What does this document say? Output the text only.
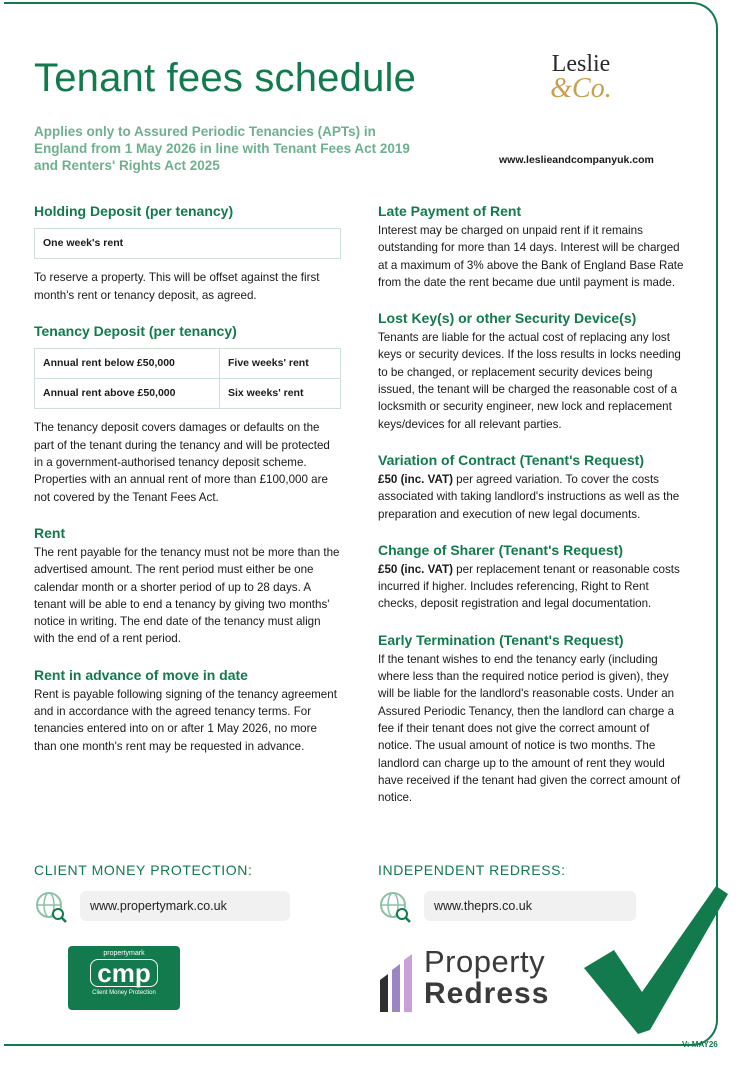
Tenant fees schedule
Applies only to Assured Periodic Tenancies (APTs) in England from 1 May 2026 in line with Tenant Fees Act 2019 and Renters' Rights Act 2025
Leslie
&Co.
www.leslieandcompanyuk.com
Holding Deposit (per tenancy)
One week's rent

To reserve a property. This will be offset against the first month's rent or tenancy deposit, as agreed.

Tenancy Deposit (per tenancy)
Annual rent below £50,000	Five weeks' rent
Annual rent above £50,000	Six weeks' rent

The tenancy deposit covers damages or defaults on the part of the tenant during the tenancy and will be protected in a government-authorised tenancy deposit scheme. Properties with an annual rent of more than £100,000 are not covered by the Tenant Fees Act.

Rent

The rent payable for the tenancy must not be more than the advertised amount. The rent period must either be one calendar month or a shorter period of up to 28 days. A tenant will be able to end a tenancy by giving two months' notice in writing. The end date of the tenancy must align with the end of a rent period.

Rent in advance of move in date

Rent is payable following signing of the tenancy agreement and in accordance with the agreed tenancy terms. For tenancies entered into on or after 1 May 2026, no more than one month's rent may be requested in advance.

Late Payment of Rent

Interest may be charged on unpaid rent if it remains outstanding for more than 14 days. Interest will be charged at a maximum of 3% above the Bank of England Base Rate from the date the rent became due until payment is made.

Lost Key(s) or other Security Device(s)

Tenants are liable for the actual cost of replacing any lost keys or security devices. If the loss results in locks needing to be changed, or replacement security devices being issued, the tenant will be charged the reasonable cost of a locksmith or security engineer, new lock and replacement keys/devices for all relevant parties.

Variation of Contract (Tenant's Request)

£50 (inc. VAT) per agreed variation. To cover the costs associated with taking landlord's instructions as well as the preparation and execution of new legal documents.

Change of Sharer (Tenant's Request)

£50 (inc. VAT) per replacement tenant or reasonable costs incurred if higher. Includes referencing, Right to Rent checks, deposit registration and legal documentation.

Early Termination (Tenant's Request)

If the tenant wishes to end the tenancy early (including where less than the required notice period is given), they will be liable for the landlord's reasonable costs. Under an Assured Periodic Tenancy, then the landlord can charge a fee if their tenant does not give the correct amount of notice. The usual amount of notice is two months. The landlord can charge up to the amount of rent they would have received if the tenant had given the correct amount of notice.

CLIENT MONEY PROTECTION:	INDEPENDENT REDRESS:
www.propertymark.co.uk	www.theprs.co.uk
propertymark
cmp
Client Money Protection
Property
Redress
V: MAY26
